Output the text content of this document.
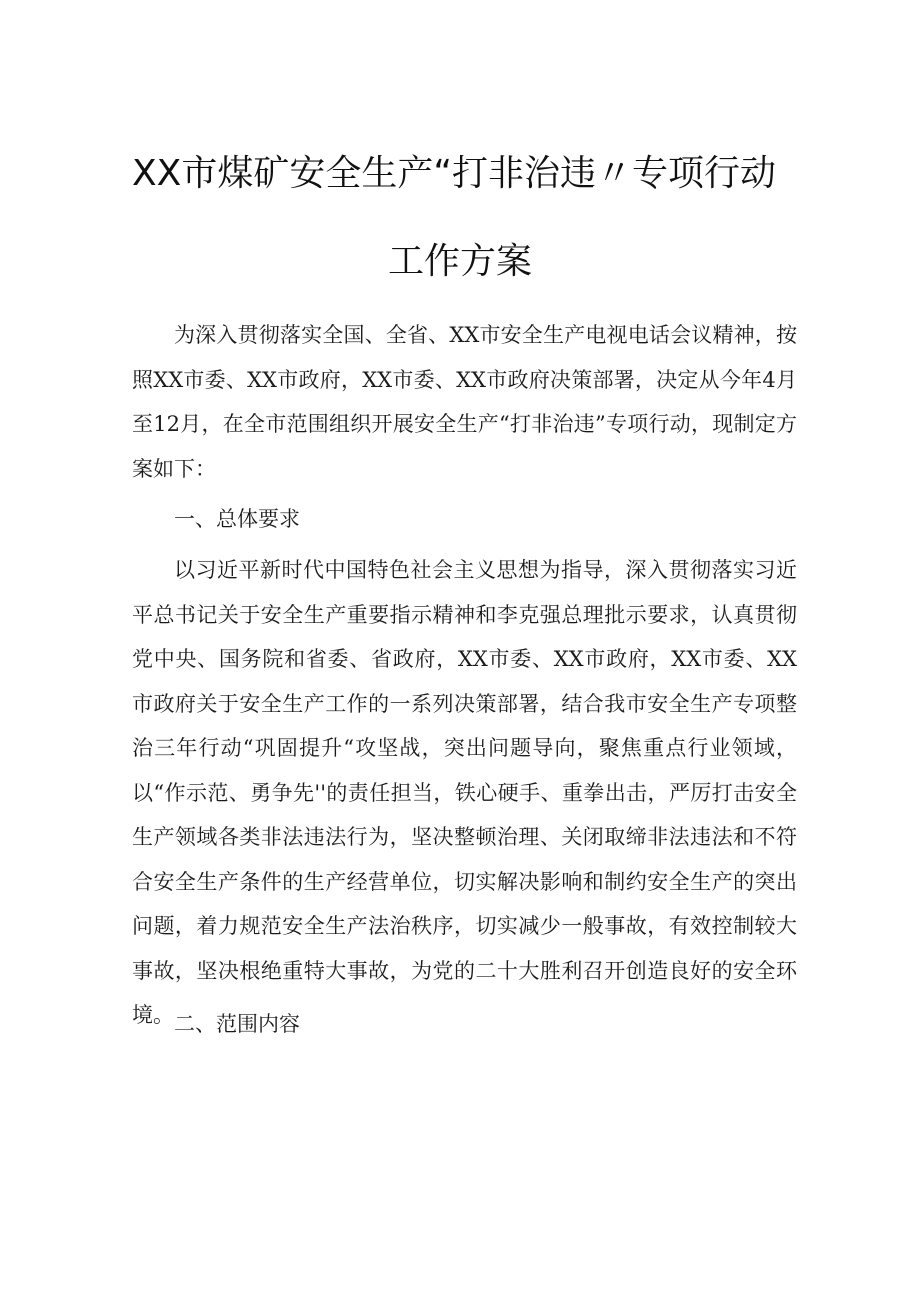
XX市煤矿安全生产“打非治违〃专项行动
工作方案

为深入贯彻落实全国、全省、XX市安全生产电视电话会议精神，按照XX市委、XX市政府，XX市委、XX市政府决策部署，决定从今年4月至12月，在全市范围组织开展安全生产“打非治违”专项行动，现制定方案如下：

一、总体要求

以习近平新时代中国特色社会主义思想为指导，深入贯彻落实习近平总书记关于安全生产重要指示精神和李克强总理批示要求，认真贯彻党中央、国务院和省委、省政府，XX市委、XX市政府，XX市委、XX市政府关于安全生产工作的一系列决策部署，结合我市安全生产专项整治三年行动“巩固提升“攻坚战，突出问题导向，聚焦重点行业领域，以“作示范、勇争先''的责任担当，铁心硬手、重拳出击，严厉打击安全生产领域各类非法违法行为，坚决整顿治理、关闭取缔非法违法和不符合安全生产条件的生产经营单位，切实解决影响和制约安全生产的突出问题，着力规范安全生产法治秩序，切实减少一般事故，有效控制较大事故，坚决根绝重特大事故，为党的二十大胜利召开创造良好的安全环境。 二、范围内容
